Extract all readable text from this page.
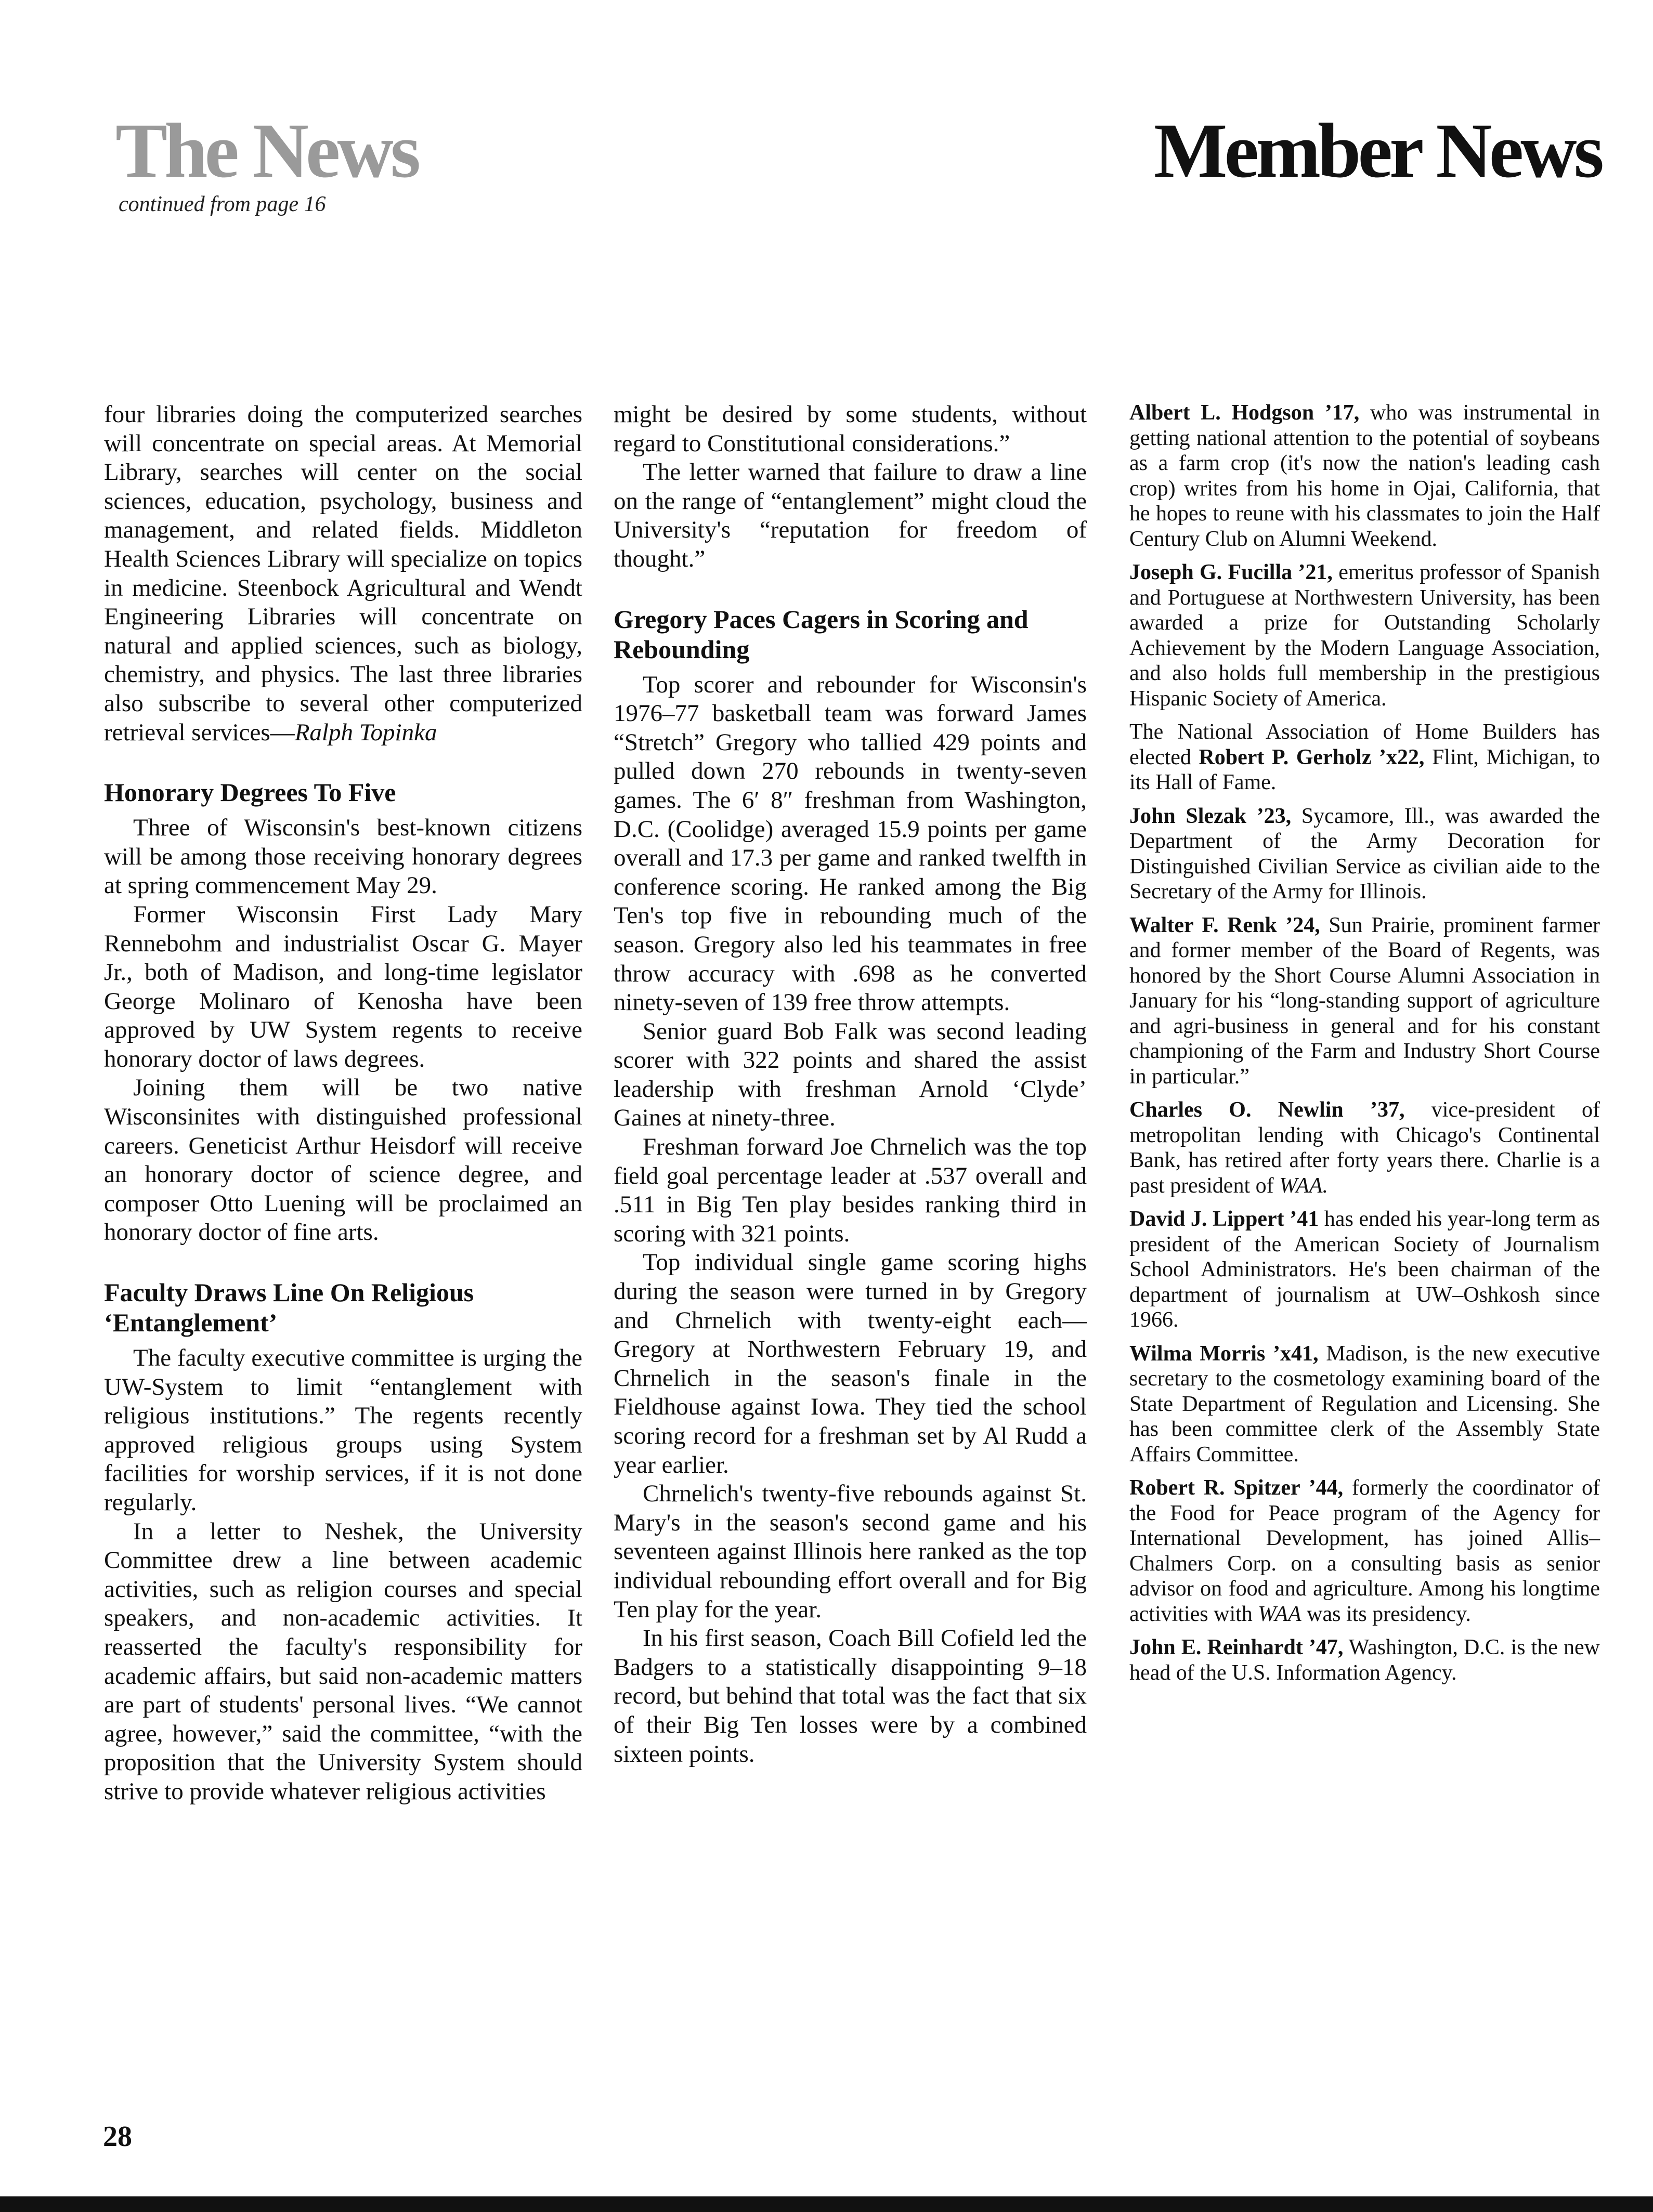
The News
continued from page 16
Member News

four libraries doing the computerized searches will concentrate on special areas. At Memorial Library, searches will center on the social sciences, education, psychology, business and management, and related fields. Middleton Health Sciences Library will specialize on topics in medicine. Steenbock Agricultural and Wendt Engineering Libraries will concentrate on natural and applied sciences, such as biology, chemistry, and physics. The last three libraries also subscribe to several other computerized retrieval services—Ralph Topinka

Honorary Degrees To Five

Three of Wisconsin's best-known citizens will be among those receiving honorary degrees at spring commencement May 29.

Former Wisconsin First Lady Mary Rennebohm and industrialist Oscar G. Mayer Jr., both of Madison, and long-time legislator George Molinaro of Kenosha have been approved by UW System regents to receive honorary doctor of laws degrees.

Joining them will be two native Wisconsinites with distinguished professional careers. Geneticist Arthur Heisdorf will receive an honorary doctor of science degree, and composer Otto Luening will be proclaimed an honorary doctor of fine arts.

Faculty Draws Line On Religious ‘Entanglement’

The faculty executive committee is urging the UW-System to limit “entanglement with religious institutions.” The regents recently approved religious groups using System facilities for worship services, if it is not done regularly.

In a letter to Neshek, the University Committee drew a line between academic activities, such as religion courses and special speakers, and non-academic activities. It reasserted the faculty's responsibility for academic affairs, but said non-academic matters are part of students' personal lives. “We cannot agree, however,” said the committee, “with the proposition that the University System should strive to provide whatever religious activities

might be desired by some students, without regard to Constitutional considerations.”

The letter warned that failure to draw a line on the range of “entanglement” might cloud the University's “reputation for freedom of thought.”

Gregory Paces Cagers in Scoring and Rebounding

Top scorer and rebounder for Wisconsin's 1976–77 basketball team was forward James “Stretch” Gregory who tallied 429 points and pulled down 270 rebounds in twenty-seven games. The 6′ 8″ freshman from Washington, D.C. (Coolidge) averaged 15.9 points per game overall and 17.3 per game and ranked twelfth in conference scoring. He ranked among the Big Ten's top five in rebounding much of the season. Gregory also led his teammates in free throw accuracy with .698 as he converted ninety-seven of 139 free throw attempts.

Senior guard Bob Falk was second leading scorer with 322 points and shared the assist leadership with freshman Arnold ‘Clyde’ Gaines at ninety-three.

Freshman forward Joe Chrnelich was the top field goal percentage leader at .537 overall and .511 in Big Ten play besides ranking third in scoring with 321 points.

Top individual single game scoring highs during the season were turned in by Gregory and Chrnelich with twenty-eight each—Gregory at Northwestern February 19, and Chrnelich in the season's finale in the Fieldhouse against Iowa. They tied the school scoring record for a freshman set by Al Rudd a year earlier.

Chrnelich's twenty-five rebounds against St. Mary's in the season's second game and his seventeen against Illinois here ranked as the top individual rebounding effort overall and for Big Ten play for the year.

In his first season, Coach Bill Cofield led the Badgers to a statistically disappointing 9–18 record, but behind that total was the fact that six of their Big Ten losses were by a combined sixteen points.

Albert L. Hodgson ’17, who was instrumental in getting national attention to the potential of soybeans as a farm crop (it's now the nation's leading cash crop) writes from his home in Ojai, California, that he hopes to reune with his classmates to join the Half Century Club on Alumni Weekend.

Joseph G. Fucilla ’21, emeritus professor of Spanish and Portuguese at Northwestern University, has been awarded a prize for Outstanding Scholarly Achievement by the Modern Language Association, and also holds full membership in the prestigious Hispanic Society of America.

The National Association of Home Builders has elected Robert P. Gerholz ’x22, Flint, Michigan, to its Hall of Fame.

John Slezak ’23, Sycamore, Ill., was awarded the Department of the Army Decoration for Distinguished Civilian Service as civilian aide to the Secretary of the Army for Illinois.

Walter F. Renk ’24, Sun Prairie, prominent farmer and former member of the Board of Regents, was honored by the Short Course Alumni Association in January for his “long-standing support of agriculture and agri-business in general and for his constant championing of the Farm and Industry Short Course in particular.”

Charles O. Newlin ’37, vice-president of metropolitan lending with Chicago's Continental Bank, has retired after forty years there. Charlie is a past president of WAA.

David J. Lippert ’41 has ended his year-long term as president of the American Society of Journalism School Administrators. He's been chairman of the department of journalism at UW–Oshkosh since 1966.

Wilma Morris ’x41, Madison, is the new executive secretary to the cosmetology examining board of the State Department of Regulation and Licensing. She has been committee clerk of the Assembly State Affairs Committee.

Robert R. Spitzer ’44, formerly the coordinator of the Food for Peace program of the Agency for International Development, has joined Allis–Chalmers Corp. on a consulting basis as senior advisor on food and agriculture. Among his longtime activities with WAA was its presidency.

John E. Reinhardt ’47, Washington, D.C. is the new head of the U.S. Information Agency.

28
